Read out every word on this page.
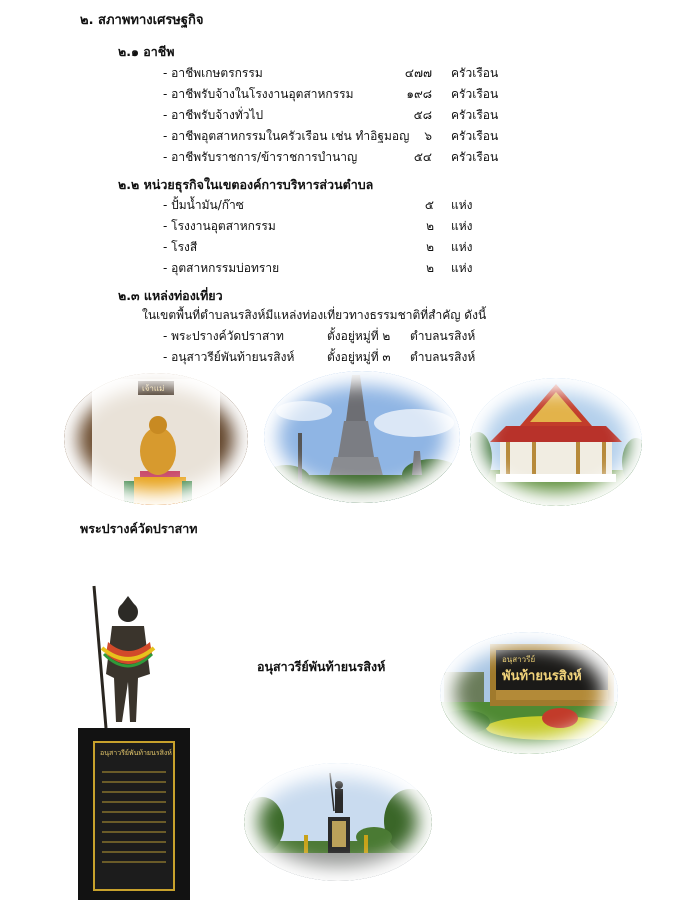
๒. สภาพทางเศรษฐกิจ
๒.๑ อาชีพ
- อาชีพเกษตรกรรม	๔๗๗ ครัวเรือน
- อาชีพรับจ้างในโรงงานอุตสาหกรรม	๑๙๘ ครัวเรือน
- อาชีพรับจ้างทั่วไป	๕๘ ครัวเรือน
- อาชีพอุตสาหกรรมในครัวเรือน เช่น ทำอิฐมอญ	๖ ครัวเรือน
- อาชีพรับราชการ/ข้าราชการบำนาญ	๕๔ ครัวเรือน
๒.๒ หน่วยธุรกิจในเขตองค์การบริหารส่วนตำบล
- ปั้มน้ำมัน/ก๊าซ	๕ แห่ง
- โรงงานอุตสาหกรรม	๒ แห่ง
- โรงสี	๒ แห่ง
- อุตสาหกรรมบ่อทราย	๒ แห่ง
๒.๓ แหล่งท่องเที่ยว
ในเขตพื้นที่ตำบลนรสิงห์มีแหล่งท่องเที่ยวทางธรรมชาติที่สำคัญ ดังนี้
- พระปรางค์วัดปราสาท	ตั้งอยู่หมู่ที่ ๒ ตำบลนรสิงห์
- อนุสาวรีย์พันท้ายนรสิงห์	ตั้งอยู่หมู่ที่ ๓ ตำบลนรสิงห์
เจ้าแม่
พระปรางค์วัดปราสาท
อนุสาวรีย์พันท้ายนรสิงห์
อนุสาวรีย์พันท้ายนรสิงห์	อนุสาวรีย์
พันท้ายนรสิงห์
